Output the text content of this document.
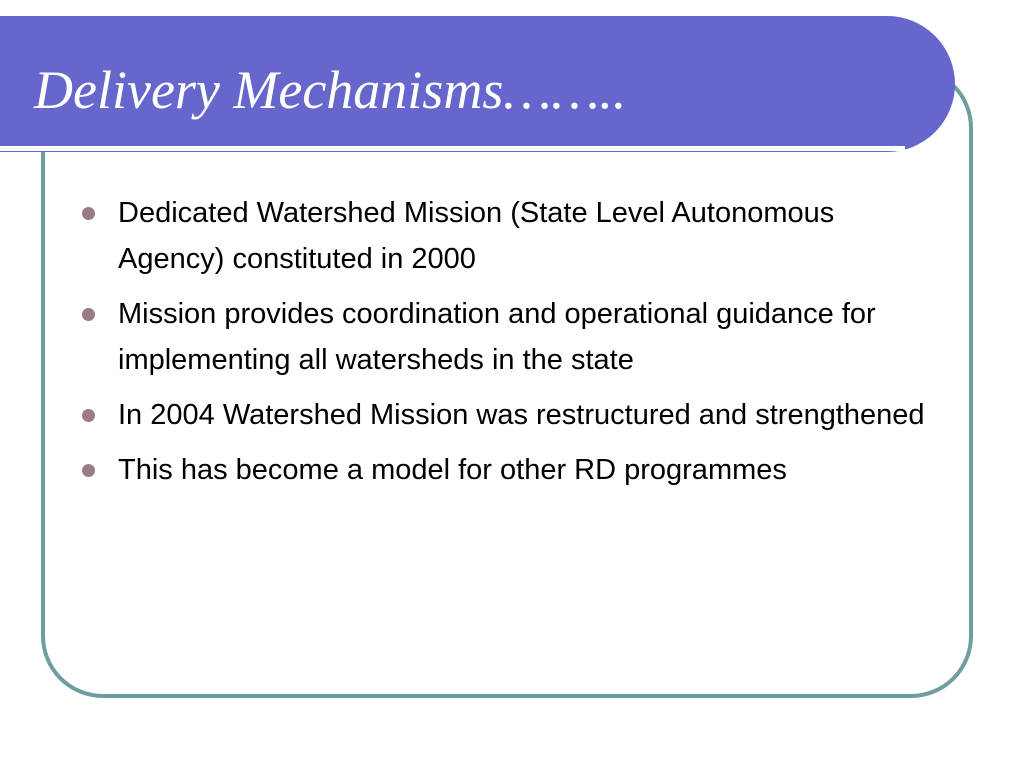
Delivery Mechanisms……..
Dedicated Watershed Mission (State Level Autonomous Agency) constituted in 2000
Mission provides coordination and operational guidance for implementing all watersheds in the state
In 2004 Watershed Mission was restructured and strengthened
This has become a model for other RD programmes
